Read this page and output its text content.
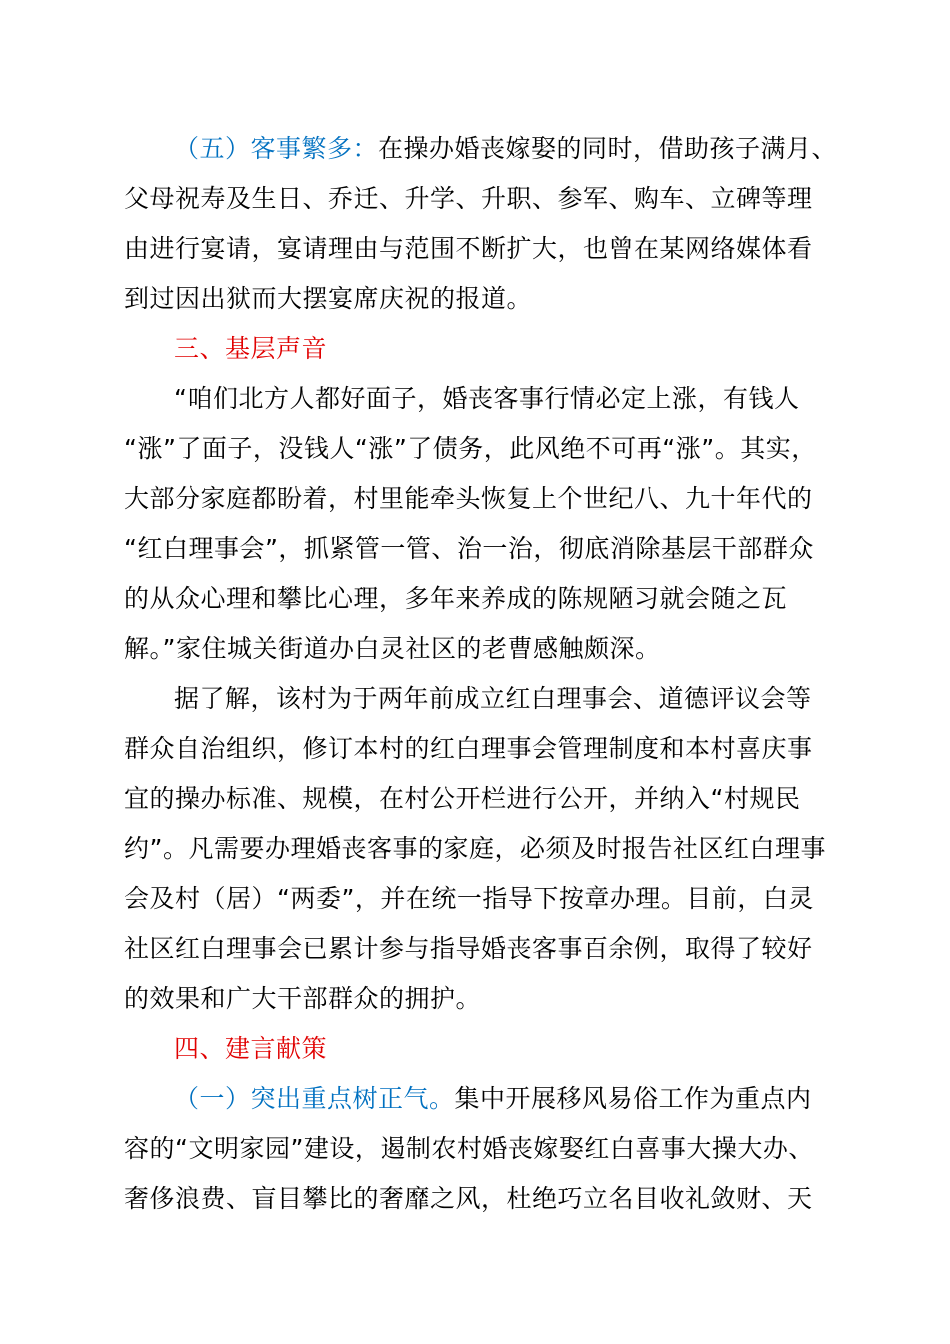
（五）客事繁多：在操办婚丧嫁娶的同时，借助孩子满月、
父母祝寿及生日、乔迁、升学、升职、参军、购车、立碑等理
由进行宴请，宴请理由与范围不断扩大，也曾在某网络媒体看
到过因出狱而大摆宴席庆祝的报道。
三、基层声音
“咱们北方人都好面子，婚丧客事行情必定上涨，有钱人
“涨”了面子，没钱人“涨”了债务，此风绝不可再“涨”。其实，
大部分家庭都盼着，村里能牵头恢复上个世纪八、九十年代的
“红白理事会”，抓紧管一管、治一治，彻底消除基层干部群众
的从众心理和攀比心理，多年来养成的陈规陋习就会随之瓦
解。”家住城关街道办白灵社区的老曹感触颇深。
据了解，该村为于两年前成立红白理事会、道德评议会等
群众自治组织，修订本村的红白理事会管理制度和本村喜庆事
宜的操办标准、规模，在村公开栏进行公开，并纳入“村规民
约”。凡需要办理婚丧客事的家庭，必须及时报告社区红白理事
会及村（居）“两委”，并在统一指导下按章办理。目前，白灵
社区红白理事会已累计参与指导婚丧客事百余例，取得了较好
的效果和广大干部群众的拥护。
四、建言献策
（一）突出重点树正气。集中开展移风易俗工作为重点内
容的“文明家园”建设，遏制农村婚丧嫁娶红白喜事大操大办、
奢侈浪费、盲目攀比的奢靡之风，杜绝巧立名目收礼敛财、天
